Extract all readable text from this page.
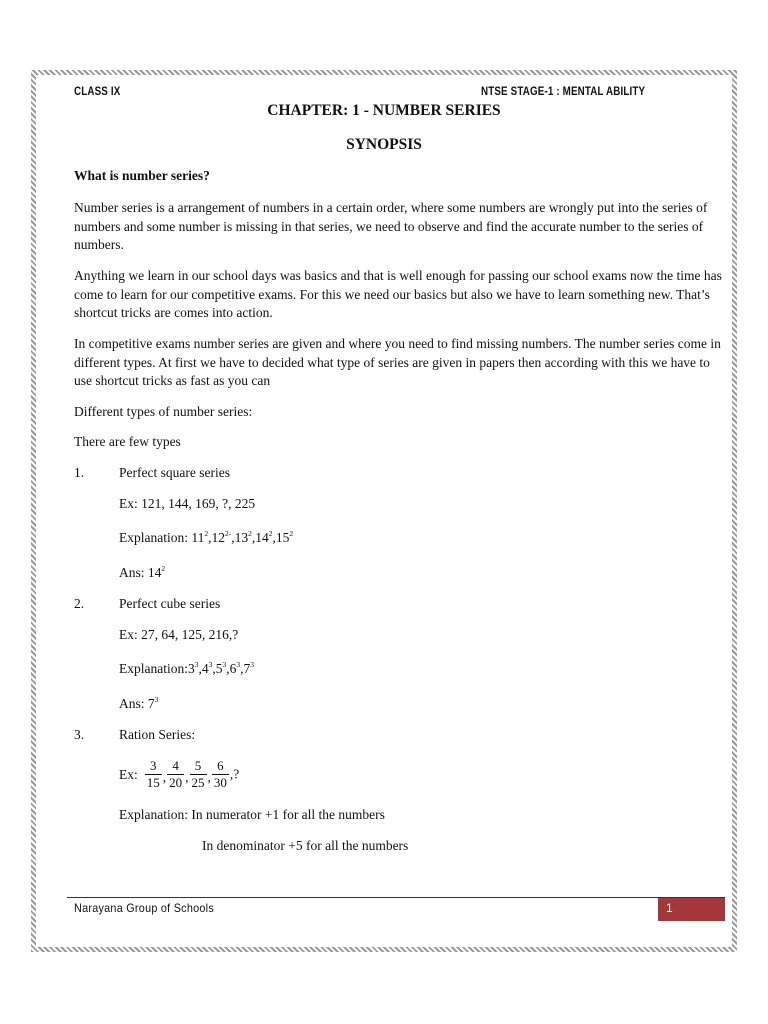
CLASS IX	NTSE STAGE-1 : MENTAL ABILITY
CHAPTER: 1 - NUMBER SERIES
SYNOPSIS
What is number series?

Number series is a arrangement of numbers in a certain order, where some numbers are wrongly put into the series of numbers and some number is missing in that series, we need to observe and find the accurate number to the series of numbers.

Anything we learn in our school days was basics and that is well enough for passing our school exams now the time has come to learn for our competitive exams. For this we need our basics but also we have to learn something new. That’s shortcut tricks are comes into action.

In competitive exams number series are given and where you need to find missing numbers. The number series come in different types. At first we have to decided what type of series are given in papers then according with this we have to use shortcut tricks as fast as you can

Different types of number series:
There are few types
1.	Perfect square series
Ex: 121, 144, 169, ?, 225
Explanation: $11^2,12^{2-},13^2,14^2,15^2$
Ans: $14^2$
2.	Perfect cube series
Ex: 27, 64, 125, 216,?
$Explanation:3^3,4^3,5^3,6^3,7^3$
Ans: $7^3$
3.	Ration Series:
Ex: $\frac{3}{15}$ , $\frac{4}{20}$ , $\frac{5}{25}$ , $\frac{6}{30}$ ,?
Explanation: In numerator +1 for all the numbers
In denominator +5 for all the numbers
Narayana Group of Schools	1
